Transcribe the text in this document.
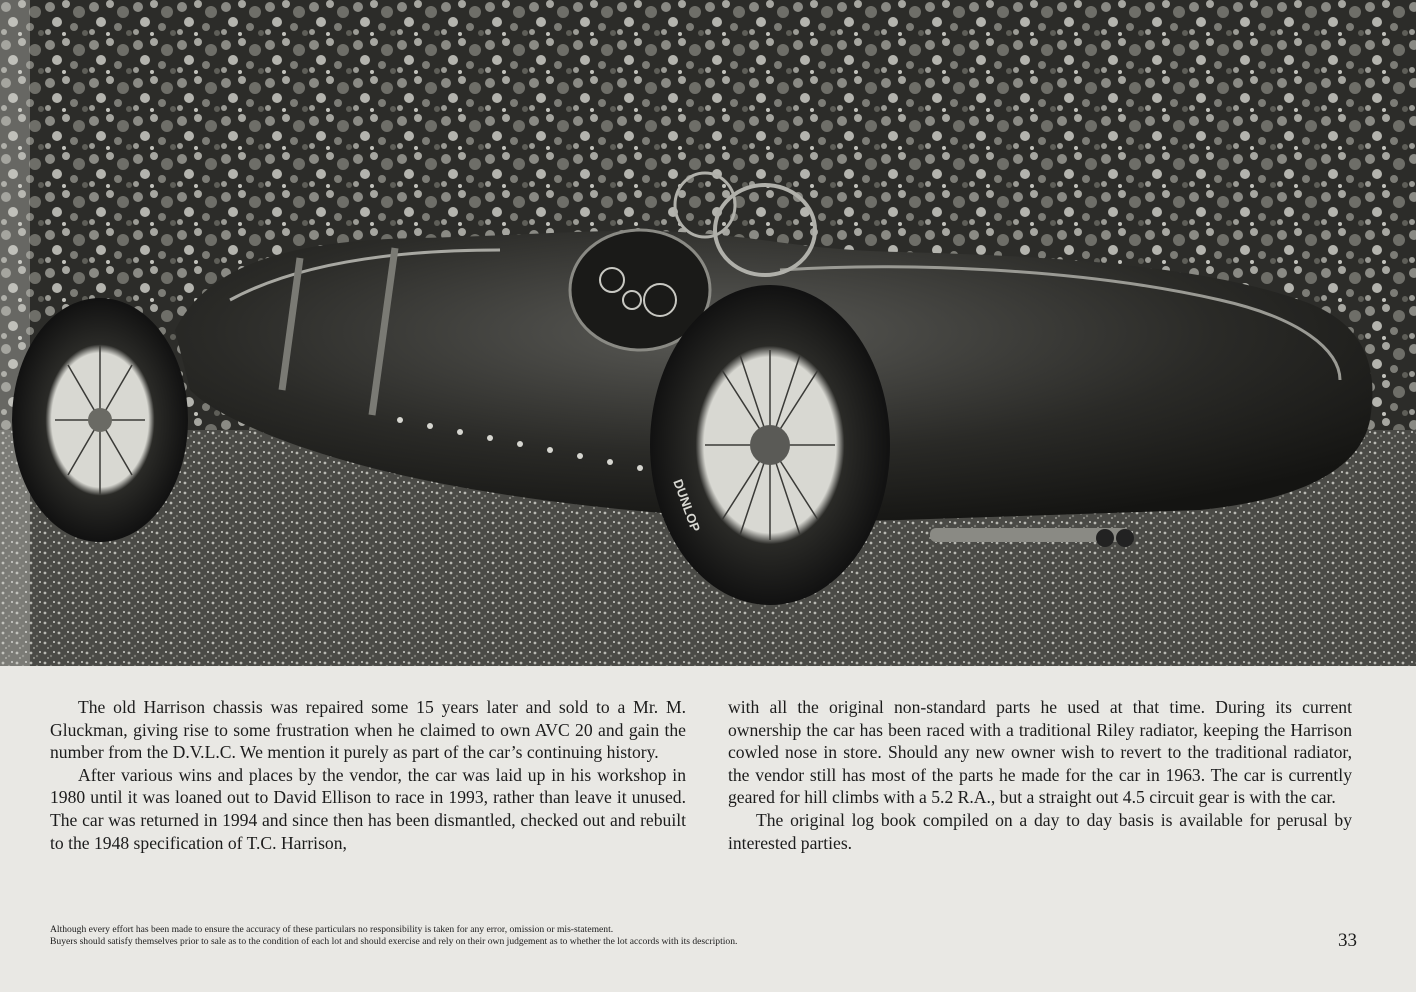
DUNLOP

The old Harrison chassis was repaired some 15 years later and sold to a Mr. M. Gluckman, giving rise to some frustration when he claimed to own AVC 20 and gain the number from the D.V.L.C. We mention it purely as part of the car’s continuing history.

After various wins and places by the vendor, the car was laid up in his workshop in 1980 until it was loaned out to David Ellison to race in 1993, rather than leave it unused. The car was returned in 1994 and since then has been dismantled, checked out and rebuilt to the 1948 specification of T.C. Harrison,

with all the original non-standard parts he used at that time. During its current ownership the car has been raced with a traditional Riley radiator, keeping the Harrison cowled nose in store. Should any new owner wish to revert to the traditional radiator, the vendor still has most of the parts he made for the car in 1963. The car is currently geared for hill climbs with a 5.2 R.A., but a straight out 4.5 circuit gear is with the car.

The original log book compiled on a day to day basis is available for perusal by interested parties.

Although every effort has been made to ensure the accuracy of these particulars no responsibility is taken for any error, omission or mis-statement.
Buyers should satisfy themselves prior to sale as to the condition of each lot and should exercise and rely on their own judgement as to whether the lot accords with its description.	33
